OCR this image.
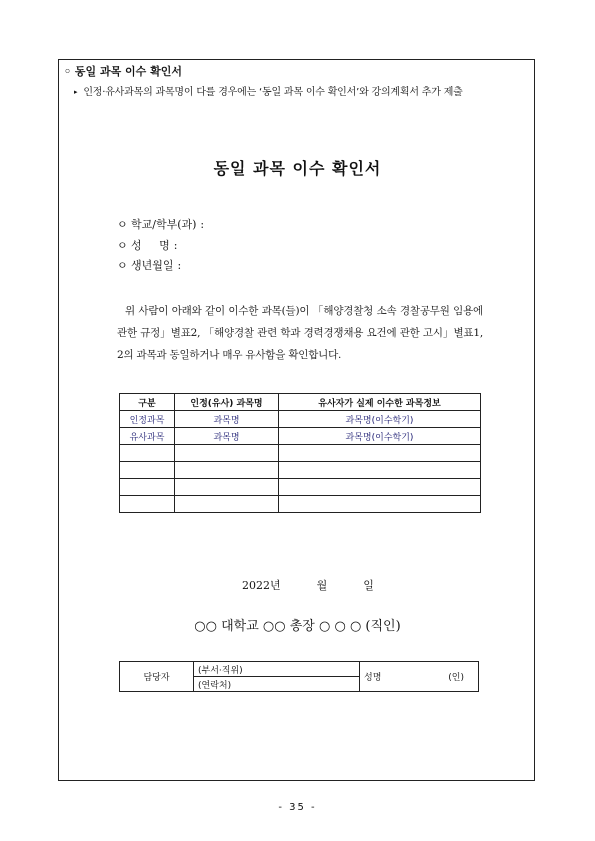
◦ 동일 과목 이수 확인서
▸ 인정·유사과목의 과목명이 다를 경우에는 ‘동일 과목 이수 확인서’와 강의계획서 추가 제출
동일 과목 이수 확인서
ㅇ 학교/학부(과) :
ㅇ 성     명 :
ㅇ 생년월일 :
위 사람이 아래와 같이 이수한 과목(들)이 「해양경찰청 소속 경찰공무원 임용에 관한 규정」별표2, 「해양경찰 관련 학과 경력경쟁채용 요건에 관한 고시」별표1, 2의 과목과 동일하거나 매우 유사함을 확인합니다.
구분	인정(유사) 과목명	유사자가 실제 이수한 과목정보
인정과목	과목명	과목명(이수학기)
유사과목	과목명	과목명(이수학기)

2022년	월	일
○○ 대학교 ○○ 총장 ○ ○ ○ (직인)
담당자	(부서·직위)	성명	(인)

(연락처)
- 35 -
